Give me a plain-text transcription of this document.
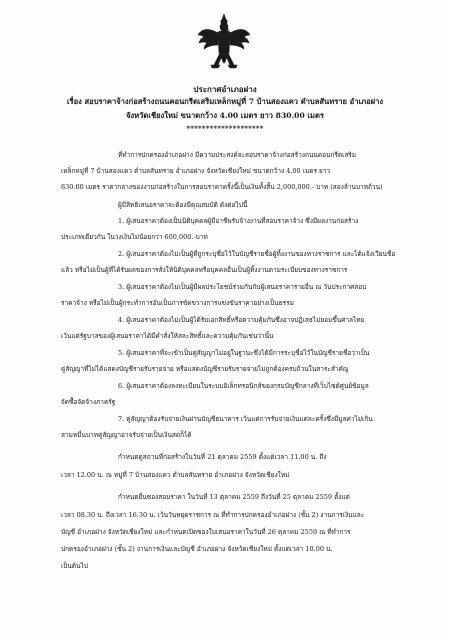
ประกาศอำเภอฝาง
เรื่อง สอบราคาจ้างก่อสร้างถนนคอนกรีตเสริมเหล็กหมู่ที่ 7 บ้านสองแคว ตำบลสันทราย อำเภอฝาง
จังหวัดเชียงใหม่ ขนาดกว้าง 4.00 เมตร ยาว 830.00 เมตร
********************
ที่ทำการปกครองอำเภอฝาง มีความประสงค์จะสอบราคาจ้างก่อสร้างถนนคอนกรีตเสริม
เหล็กหมู่ที่ 7 บ้านสองแคว ตำบลสันทราย อำเภอฝาง จังหวัดเชียงใหม่ ขนาดกว้าง 4.00 เมตร ยาว
830.00 เมตร ราคากลางของงานก่อสร้างในการสอบราคาครั้งนี้เป็นเงินทั้งสิ้น 2,000,000.- บาท (สองล้านบาทถ้วน)
ผู้มีสิทธิเสนอราคาจะต้องมีคุณสมบัติ ดังต่อไปนี้
1. ผู้เสนอราคาต้องเป็นนิติบุคคลผู้มีอาชีพรับจ้างงานที่สอบราคาจ้าง ซึ่งมีผลงานก่อสร้าง
ประเภทเดียวกัน ในวงเงินไม่น้อยกว่า 600,000.-บาท
2. ผู้เสนอราคาต้องไม่เป็นผู้ที่ถูกระบุชื่อไว้ในบัญชีรายชื่อผู้ทิ้งงานของทางราชการ และได้แจ้งเวียนชื่อ
แล้ว หรือไม่เป็นผู้ที่ได้รับผลของการสั่งให้นิติบุคคลหรือบุคคลอื่นเป็นผู้ทิ้งงานตามระเบียบของทางราชการ
3. ผู้เสนอราคาต้องไม่เป็นผู้มีผลประโยชน์ร่วมกันกับผู้เสนอราคารายอื่น ณ วันประกาศสอบ
ราคาจ้าง หรือไม่เป็นผู้กระทำการอันเป็นการขัดขวางการแข่งขันราคาอย่างเป็นธรรม
4. ผู้เสนอราคาต้องไม่เป็นผู้ได้รับเอกสิทธิ์หรือความคุ้มกันซึ่งอาจปฏิเสธไม่ยอมขึ้นศาลไทย
เว้นแต่รัฐบาลของผู้เสนอราคาได้มีคำสั่งให้สละสิทธิ์และความคุ้มกันเช่นว่านั้น
5. ผู้เสนอราคาที่จะเข้าเป็นคู่สัญญาไม่อยู่ในฐานะซึ่งได้มีการระบุชื่อไว้ในบัญชีรายชื่อว่าเป็น
คู่สัญญาที่ไม่ได้แสดงบัญชีรายรับรายจ่าย หรือแสดงบัญชีรายรับรายจ่ายไม่ถูกต้องครบถ้วนในสาระสำคัญ
6. ผู้เสนอราคาต้องลงทะเบียนในระบบอิเล็กทรอนิกส์ของกรมบัญชีกลางที่เว็บไซต์ศูนย์ข้อมูล
จัดซื้อจัดจ้างภาครัฐ
7. คู่สัญญาต้องรับจ่ายเงินผ่านบัญชีธนาคาร เว้นแต่การรับจ่ายเงินแต่ละครั้งซึ่งมีมูลค่าไม่เกิน
สามหมื่นบาทคู่สัญญาอาจรับจ่ายเป็นเงินสดก็ได้
กำหนดดูสถานที่ก่อสร้างในวันที่ 21 ตุลาคม 2559 ตั้งแต่เวลา 11.00 น. ถึง
เวลา 12.00 น. ณ หมู่ที่ 7 บ้านสองแคว ตำบลสันทราย อำเภอฝาง จังหวัดเชียงใหม่
กำหนดยื่นซองสอบราคา ในวันที่ 13 ตุลาคม 2559 ถึงวันที่ 25 ตุลาคม 2559 ตั้งแต่
เวลา 08.30 น. ถึงเวลา 16.30 น. เว้นวันหยุดราชการ ณ ที่ทำการปกครองอำเภอฝาง (ชั้น 2) งานการเงินและ
บัญชี อำเภอฝาง จังหวัดเชียงใหม่ และกำหนดเปิดซองใบเสนอราคาในวันที่ 26 ตุลาคม 2559 ณ ที่ทำการ
ปกครองอำเภอฝาง (ชั้น 2) งานการเงินและบัญชี อำเภอฝาง จังหวัดเชียงใหม่ ตั้งแต่เวลา 10.00 น.
เป็นต้นไป
